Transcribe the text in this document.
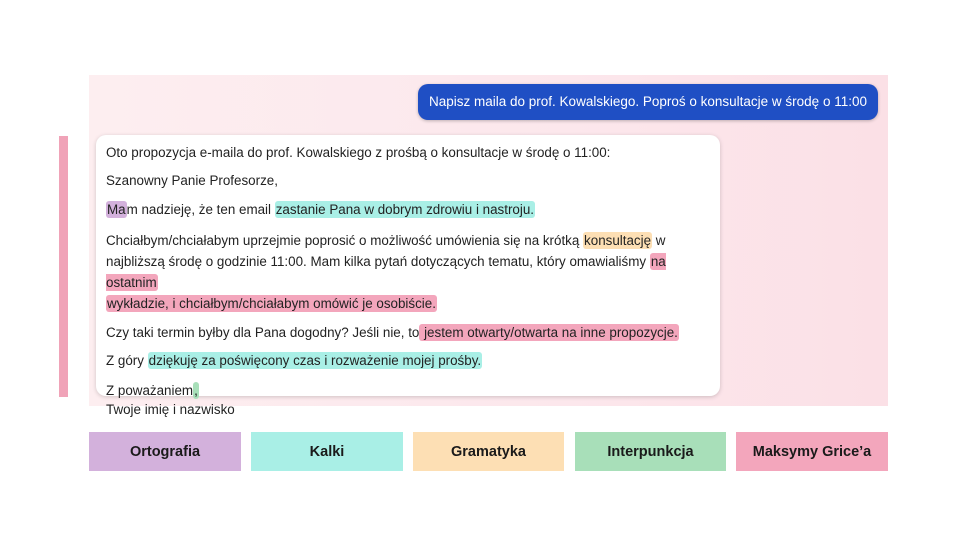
Napisz maila do prof. Kowalskiego. Poproś o konsultacje w środę o 11:00

Oto propozycja e-maila do prof. Kowalskiego z prośbą o konsultacje w środę o 11:00:

Szanowny Panie Profesorze,

Mam nadzieję, że ten email zastanie Pana w dobrym zdrowiu i nastroju.

Chciałbym/chciałabym uprzejmie poprosić o możliwość umówienia się na krótką konsultację w
najbliższą środę o godzinie 11:00. Mam kilka pytań dotyczących tematu, który omawialiśmy na ostatnim
wykładzie, i chciałbym/chciałabym omówić je osobiście.

Czy taki termin byłby dla Pana dogodny? Jeśli nie, to jestem otwarty/otwarta na inne propozycje.

Z góry dziękuję za poświęcony czas i rozważenie mojej prośby.

Z poważaniem,

Twoje imię i nazwisko

Ortografia	Kalki	Gramatyka	Interpunkcja	Maksymy Grice’a
